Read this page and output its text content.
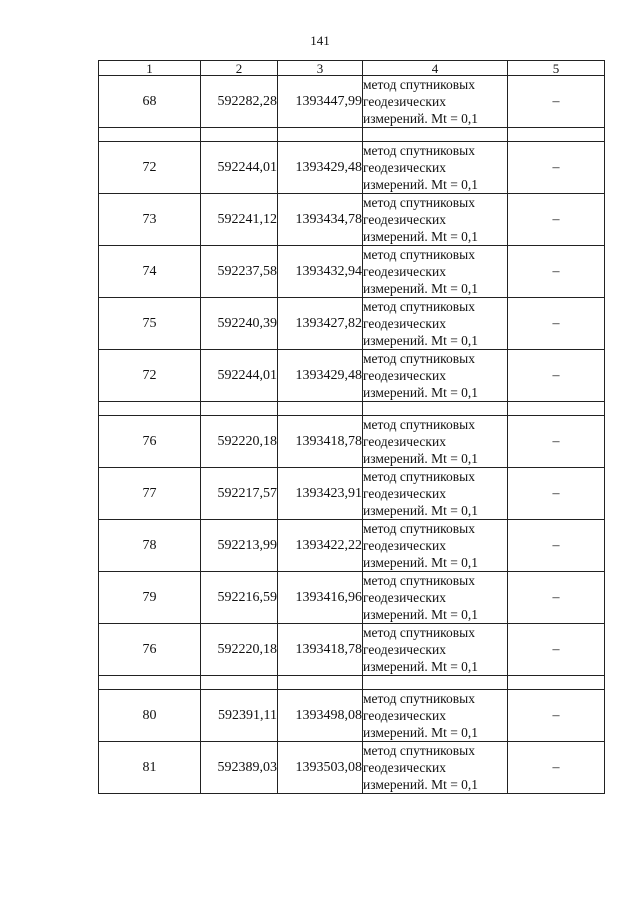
141
1	2	3	4	5
68	592282,28	1393447,99	метод спутниковых
геодезических
измерений. Mt = 0,1	–

72	592244,01	1393429,48	метод спутниковых
геодезических
измерений. Mt = 0,1	–
73	592241,12	1393434,78	метод спутниковых
геодезических
измерений. Mt = 0,1	–
74	592237,58	1393432,94	метод спутниковых
геодезических
измерений. Mt = 0,1	–
75	592240,39	1393427,82	метод спутниковых
геодезических
измерений. Mt = 0,1	–
72	592244,01	1393429,48	метод спутниковых
геодезических
измерений. Mt = 0,1	–

76	592220,18	1393418,78	метод спутниковых
геодезических
измерений. Mt = 0,1	–
77	592217,57	1393423,91	метод спутниковых
геодезических
измерений. Mt = 0,1	–
78	592213,99	1393422,22	метод спутниковых
геодезических
измерений. Mt = 0,1	–
79	592216,59	1393416,96	метод спутниковых
геодезических
измерений. Mt = 0,1	–
76	592220,18	1393418,78	метод спутниковых
геодезических
измерений. Mt = 0,1	–

80	592391,11	1393498,08	метод спутниковых
геодезических
измерений. Mt = 0,1	–
81	592389,03	1393503,08	метод спутниковых
геодезических
измерений. Mt = 0,1	–
